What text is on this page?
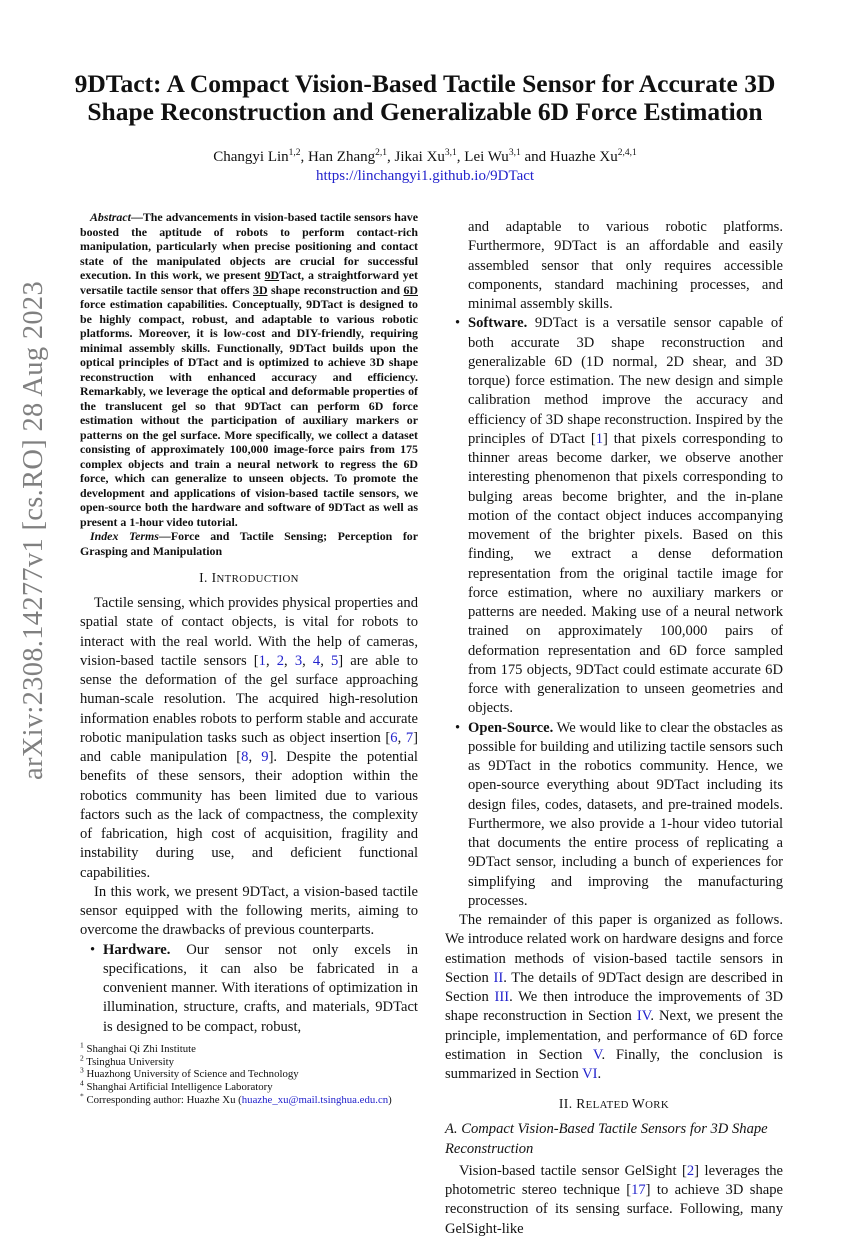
arXiv:2308.14277v1 [cs.RO] 28 Aug 2023
9DTact: A Compact Vision-Based Tactile Sensor for Accurate 3D
Shape Reconstruction and Generalizable 6D Force Estimation
Changyi Lin$^{1,2}$, Han Zhang$^{2,1}$, Jikai Xu$^{3,1}$, Lei Wu$^{3,1}$ and Huazhe Xu$^{2,4,1}$
https://linchangyi1.github.io/9DTact

Abstract—The advancements in vision-based tactile sensors have boosted the aptitude of robots to perform contact-rich manipulation, particularly when precise positioning and contact state of the manipulated objects are crucial for successful execution. In this work, we present 9DTact, a straightforward yet versatile tactile sensor that offers 3D shape reconstruction and 6D force estimation capabilities. Conceptually, 9DTact is designed to be highly compact, robust, and adaptable to various robotic platforms. Moreover, it is low-cost and DIY-friendly, requiring minimal assembly skills. Functionally, 9DTact builds upon the optical principles of DTact and is optimized to achieve 3D shape reconstruction with enhanced accuracy and efficiency. Remarkably, we leverage the optical and deformable properties of the translucent gel so that 9DTact can perform 6D force estimation without the participation of auxiliary markers or patterns on the gel surface. More specifically, we collect a dataset consisting of approximately 100,000 image-force pairs from 175 complex objects and train a neural network to regress the 6D force, which can generalize to unseen objects. To promote the development and applications of vision-based tactile sensors, we open-source both the hardware and software of 9DTact as well as present a 1-hour video tutorial.

Index Terms—Force and Tactile Sensing; Perception for Grasping and Manipulation

I. INTRODUCTION

Tactile sensing, which provides physical properties and spatial state of contact objects, is vital for robots to interact with the real world. With the help of cameras, vision-based tactile sensors [1, 2, 3, 4, 5] are able to sense the deformation of the gel surface approaching human-scale resolution. The acquired high-resolution information enables robots to perform stable and accurate robotic manipulation tasks such as object insertion [6, 7] and cable manipulation [8, 9]. Despite the potential benefits of these sensors, their adoption within the robotics community has been limited due to various factors such as the lack of compactness, the complexity of fabrication, high cost of acquisition, fragility and instability during use, and deficient functional capabilities.

In this work, we present 9DTact, a vision-based tactile sensor equipped with the following merits, aiming to overcome the drawbacks of previous counterparts.

• Hardware. Our sensor not only excels in specifications, it can also be fabricated in a convenient manner. With iterations of optimization in illumination, structure, crafts, and materials, 9DTact is designed to be compact, robust,
$^1$ Shanghai Qi Zhi Institute
$^2$ Tsinghua University
$^3$ Huazhong University of Science and Technology
$^4$ Shanghai Artificial Intelligence Laboratory
* Corresponding author: Huazhe Xu (huazhe_xu@mail.tsinghua.edu.cn)
and adaptable to various robotic platforms. Furthermore, 9DTact is an affordable and easily assembled sensor that only requires accessible components, standard machining processes, and minimal assembly skills.
• Software. 9DTact is a versatile sensor capable of both accurate 3D shape reconstruction and generalizable 6D (1D normal, 2D shear, and 3D torque) force estimation. The new design and simple calibration method improve the accuracy and efficiency of 3D shape reconstruction. Inspired by the principles of DTact [1] that pixels corresponding to thinner areas become darker, we observe another interesting phenomenon that pixels corresponding to bulging areas become brighter, and the in-plane motion of the contact object induces accompanying movement of the brighter pixels. Based on this finding, we extract a dense deformation representation from the original tactile image for force estimation, where no auxiliary markers or patterns are needed. Making use of a neural network trained on approximately 100,000 pairs of deformation representation and 6D force sampled from 175 objects, 9DTact could estimate accurate 6D force with generalization to unseen geometries and objects.
• Open-Source. We would like to clear the obstacles as possible for building and utilizing tactile sensors such as 9DTact in the robotics community. Hence, we open-source everything about 9DTact including its design files, codes, datasets, and pre-trained models. Furthermore, we also provide a 1-hour video tutorial that documents the entire process of replicating a 9DTact sensor, including a bunch of experiences for simplifying and improving the manufacturing processes.

The remainder of this paper is organized as follows. We introduce related work on hardware designs and force estimation methods of vision-based tactile sensors in Section II. The details of 9DTact design are described in Section III. We then introduce the improvements of 3D shape reconstruction in Section IV. Next, we present the principle, implementation, and performance of 6D force estimation in Section V. Finally, the conclusion is summarized in Section VI.

II. RELATED WORK

A. Compact Vision-Based Tactile Sensors for 3D Shape Reconstruction

Vision-based tactile sensor GelSight [2] leverages the photometric stereo technique [17] to achieve 3D shape reconstruction of its sensing surface. Following, many GelSight-like
